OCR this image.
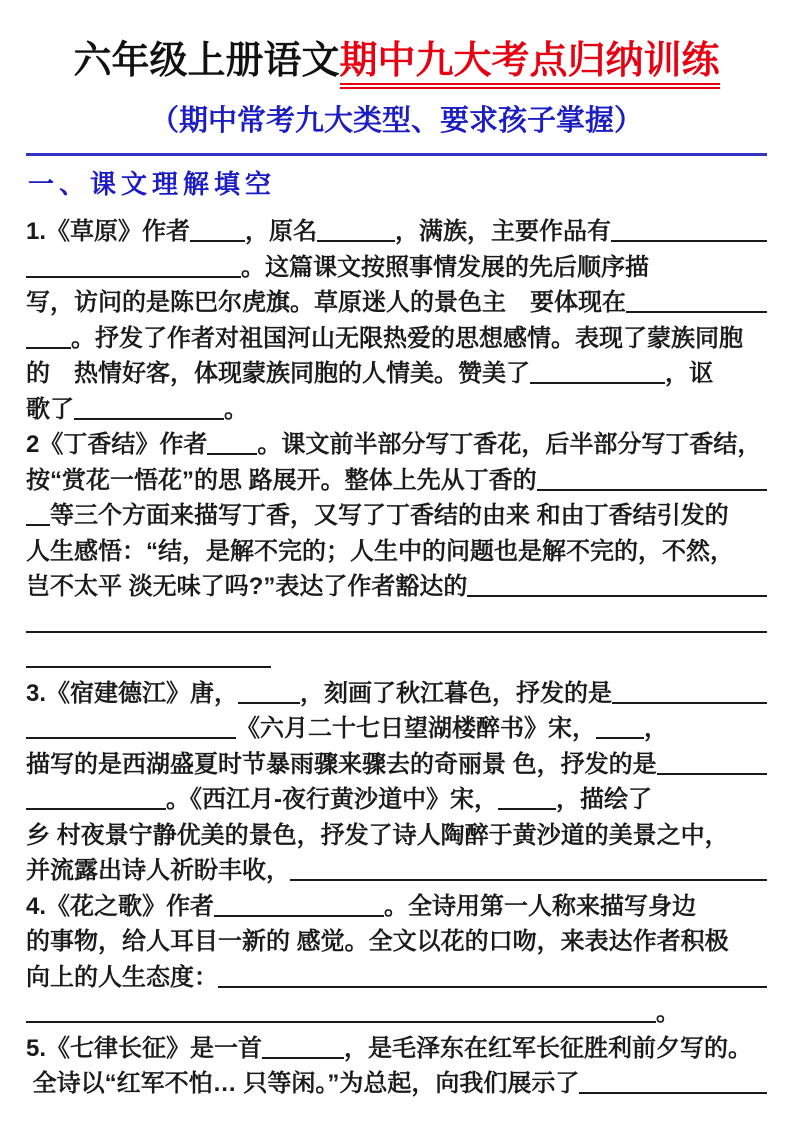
六年级上册语文期中九大考点归纳训练
（期中常考九大类型、要求孩子掌握）
一、课文理解填空
1.《草原》作者 ，原名	，满族，主要作品有
。这篇课文按照事情发展的先后顺序描
写，访问的是陈巴尔虎旗。草原迷人的景色主　要体现在
。抒发了作者对祖国河山无限热爱的思想感情。表现了蒙族同胞
的　热情好客，体现蒙族同胞的人情美。赞美了	，讴
歌了	。
2《丁香结》作者 。课文前半部分写丁香花，后半部分写丁香结，
按“赏花一悟花”的思 路展开。整体上先从丁香的
等三个方面来描写丁香，又写了丁香结的由来 和由丁香结引发的
人生感悟：“结，是解不完的；人生中的问题也是解不完的，不然，
岂不太平 淡无味了吗?”表达了作者豁达的
3.《宿建德江》唐，	，刻画了秋江暮色，抒发的是
《六月二十七日望湖楼醉书》宋， ，
描写的是西湖盛夏时节暴雨骤来骤去的奇丽景 色，抒发的是
。《西江月-夜行黄沙道中》宋， ，描绘了
乡 村夜景宁静优美的景色，抒发了诗人陶醉于黄沙道的美景之中，
并流露出诗人祈盼丰收，
4.《花之歌》作者	。全诗用第一人称来描写身边
的事物，给人耳目一新的 感觉。全文以花的口吻，来表达作者积极
向上的人生态度：
。
5.《七律长征》是一首	，是毛泽东在红军长征胜利前夕写的。
全诗以“红军不怕… 只等闲。”为总起，向我们展示了
